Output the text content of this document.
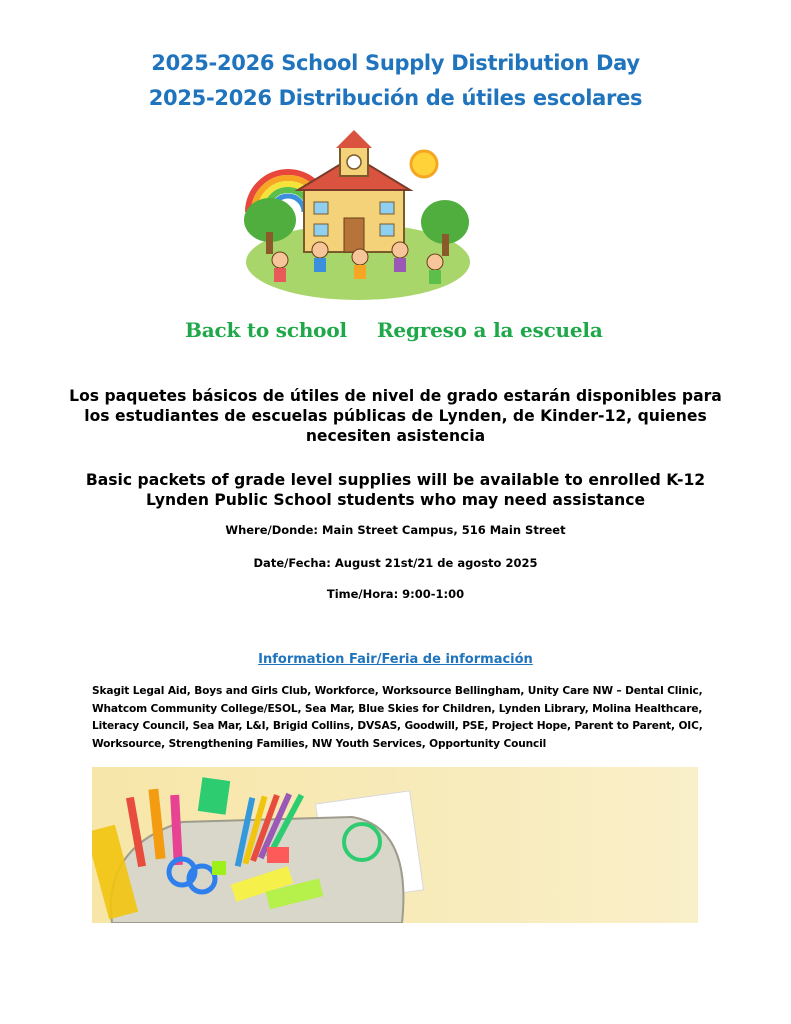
2025-2026 School Supply Distribution Day
2025-2026 Distribución de útiles escolares
Back to school Regreso a la escuela

Los paquetes básicos de útiles de nivel de grado estarán disponibles para los estudiantes de escuelas públicas de Lynden, de Kinder-12, quienes necesiten asistencia

Basic packets of grade level supplies will be available to enrolled K-12 Lynden Public School students who may need assistance

Where/Donde: Main Street Campus, 516 Main Street
Date/Fecha: August 21st/21 de agosto 2025
Time/Hora: 9:00-1:00
Information Fair/Feria de información
Skagit Legal Aid, Boys and Girls Club, Workforce, Worksource Bellingham, Unity Care NW – Dental Clinic, Whatcom Community College/ESOL, Sea Mar, Blue Skies for Children, Lynden Library, Molina Healthcare, Literacy Council, Sea Mar, L&I, Brigid Collins, DVSAS, Goodwill, PSE, Project Hope, Parent to Parent, OIC, Worksource, Strengthening Families, NW Youth Services, Opportunity Council
